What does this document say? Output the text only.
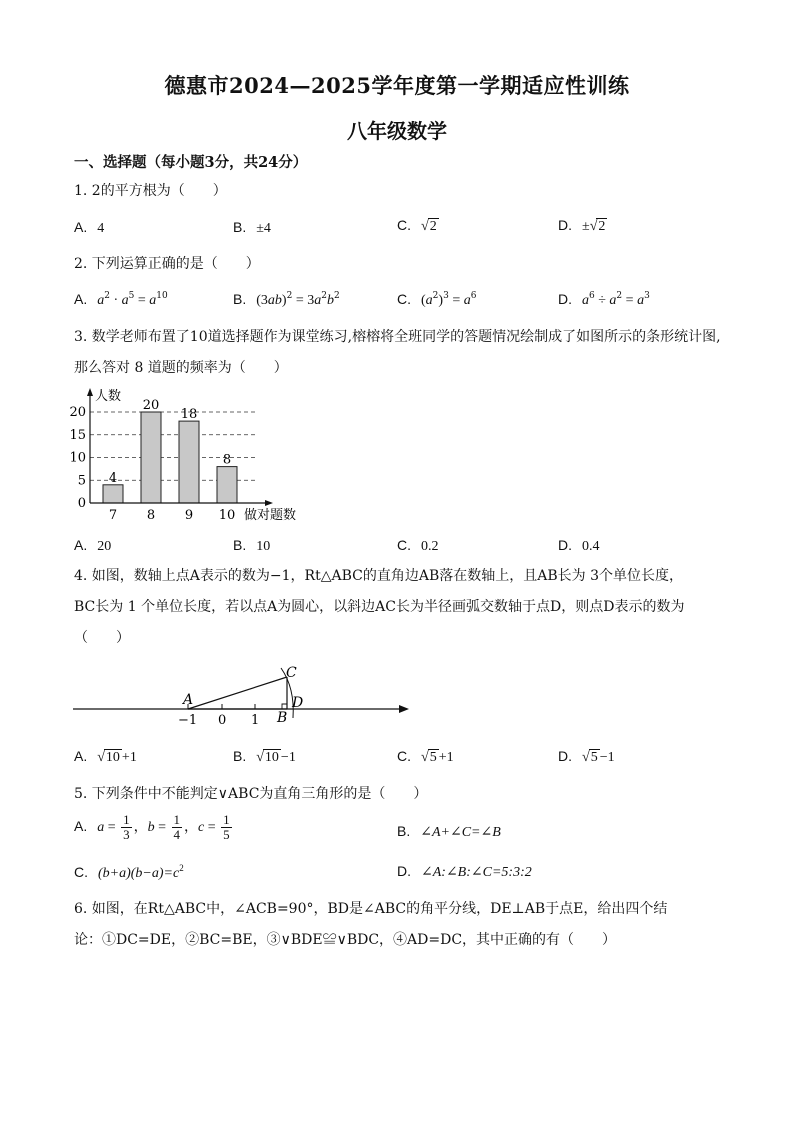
德惠市2024—2025学年度第一学期适应性训练
八年级数学
一、选择题（每小题3分，共24分）
1. 2的平方根为（　　）
A. 4	B. ±4	C. √2	D. ±√2
2. 下列运算正确的是（　　）
A. $a^2 \cdot a^5 = a^{10}$	B. $(3ab)^2 = 3a^2b^2$	C. $(a^2)^3 = a^6$	D. $a^6 \div a^2 = a^3$
3. 数学老师布置了10道选择题作为课堂练习,榕榕将全班同学的答题情况绘制成了如图所示的条形统计图,
那么答对 8 道题的频率为（　　）
0
5
10
15
20
4
7
20
8
18
9
8
10
人数
做对题数
A. 20	B. 10	C. 0.2	D. 0.4
4. 如图，数轴上点A表示的数为−1，Rt△ABC的直角边AB落在数轴上，且AB长为 3个单位长度，
BC长为 1 个单位长度，若以点A为圆心，以斜边AC长为半径画弧交数轴于点D，则点D表示的数为
（　　）
A
B
C
D
−1 0 1
A. √10 +1	B. √10 −1	C. √5 +1	D. √5 −1
5. 下列条件中不能判定∨ABC为直角三角形的是（　　）
A. $a = \frac{1}{3}$ ，$b = \frac{1}{4}$ ，$c = \frac{1}{5}$	B. ∠A+∠C=∠B
C. $(b+a)(b-a)=c^2$	D. ∠A:∠B:∠C=5:3:2
6. 如图，在Rt△ABC中，∠ACB=90°，BD是∠ABC的角平分线，DE⊥AB于点E，给出四个结
论：①DC=DE，②BC=BE，③∨BDE≌∨BDC，④AD=DC，其中正确的有（　　）
